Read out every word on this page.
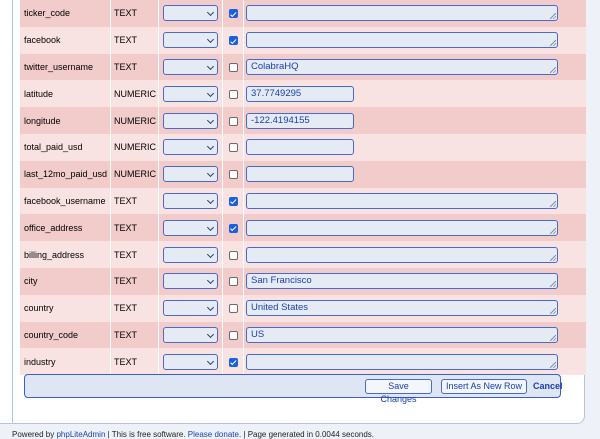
ticker_code	TEXT			

facebook	TEXT			

twitter_username	TEXT			ColabraHQ

latitude	NUMERIC			37.7749295

longitude	NUMERIC			-122.4194155

total_paid_usd	NUMERIC			

last_12mo_paid_usd	NUMERIC			

facebook_username	TEXT			

office_address	TEXT			

billing_address	TEXT			

city	TEXT			San Francisco

country	TEXT			United States

country_code	TEXT			US

industry	TEXT			
Save Changes
Insert As New Row	Cancel
Powered by phpLiteAdmin | This is free software. Please donate. | Page generated in 0.0044 seconds.
